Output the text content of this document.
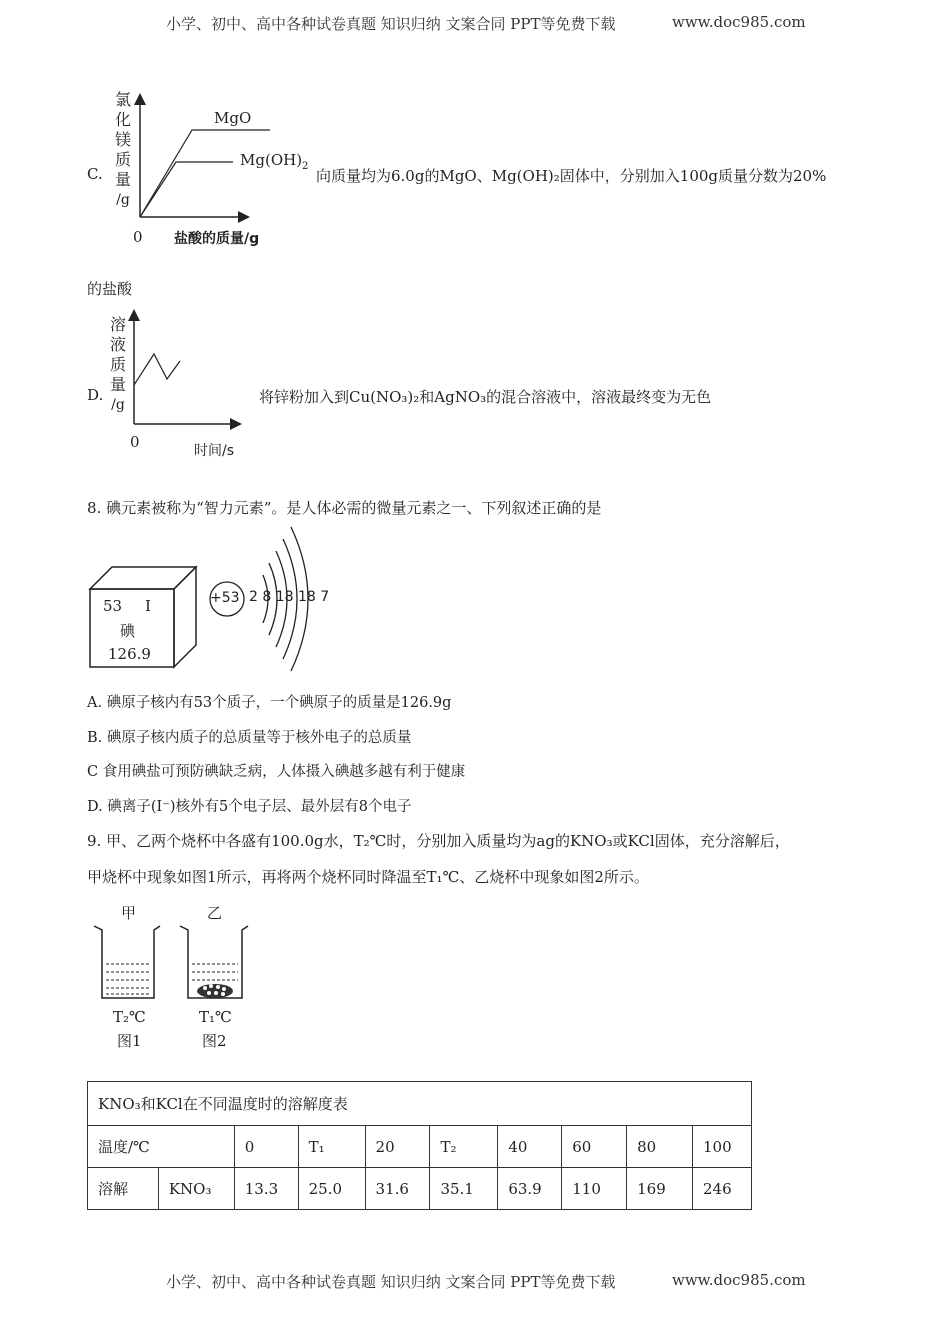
小学、初中、高中各种试卷真题 知识归纳 文案合同 PPT等免费下载	www.doc985.com
C.
氯
化
镁
质
量
/g
MgO
$Mg(OH)_2$
0 盐酸的质量/g
向质量均为6.0g的MgO、Mg(OH)₂固体中，分别加入100g质量分数为20%
的盐酸
D.
溶
液
质
量
/g
0	时间/s
将锌粉加入到Cu(NO₃)₂和AgNO₃的混合溶液中，溶液最终变为无色
8. 碘元素被称为“智力元素”。是人体必需的微量元素之一、下列叙述正确的是
53 I
碘
126.9
+53 2 8 18 18 7
A. 碘原子核内有53个质子，一个碘原子的质量是126.9g
B. 碘原子核内质子的总质量等于核外电子的总质量
C 食用碘盐可预防碘缺乏病，人体摄入碘越多越有利于健康
D. 碘离子(I⁻)核外有5个电子层、最外层有8个电子
9. 甲、乙两个烧杯中各盛有100.0g水，T₂℃时，分别加入质量均为ag的KNO₃或KCl固体，充分溶解后，
甲烧杯中现象如图1所示，再将两个烧杯同时降温至T₁℃、乙烧杯中现象如图2所示。
甲	乙
T₂℃	T₁℃
图1	图2
KNO₃和KCl在不同温度时的溶解度表									
温度/℃		0	T₁	20	T₂	40	60	80	100
溶解	KNO₃	13.3	25.0	31.6	35.1	63.9	110	169	246
小学、初中、高中各种试卷真题 知识归纳 文案合同 PPT等免费下载	www.doc985.com
